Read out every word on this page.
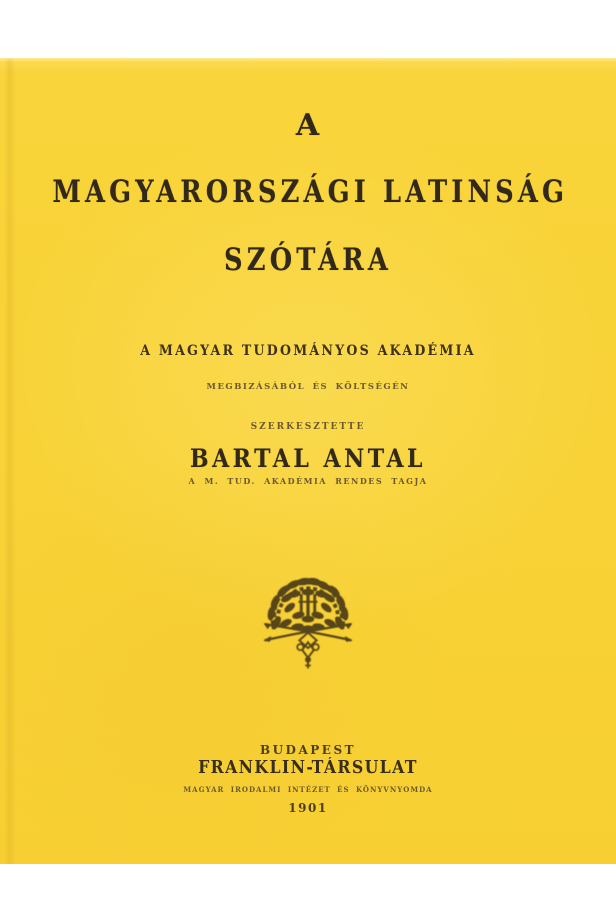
A
MAGYARORSZÁGI LATINSÁG
SZÓTÁRA
A MAGYAR TUDOMÁNYOS AKADÉMIA
MEGBIZÁSÁBÓL ÉS KÖLTSÉGÉN
SZERKESZTETTE
BARTAL ANTAL
A M. TUD. AKADÉMIA RENDES TAGJA
BUDAPEST
FRANKLIN-TÁRSULAT
MAGYAR IRODALMI INTÉZET ÉS KÖNYVNYOMDA
1901
